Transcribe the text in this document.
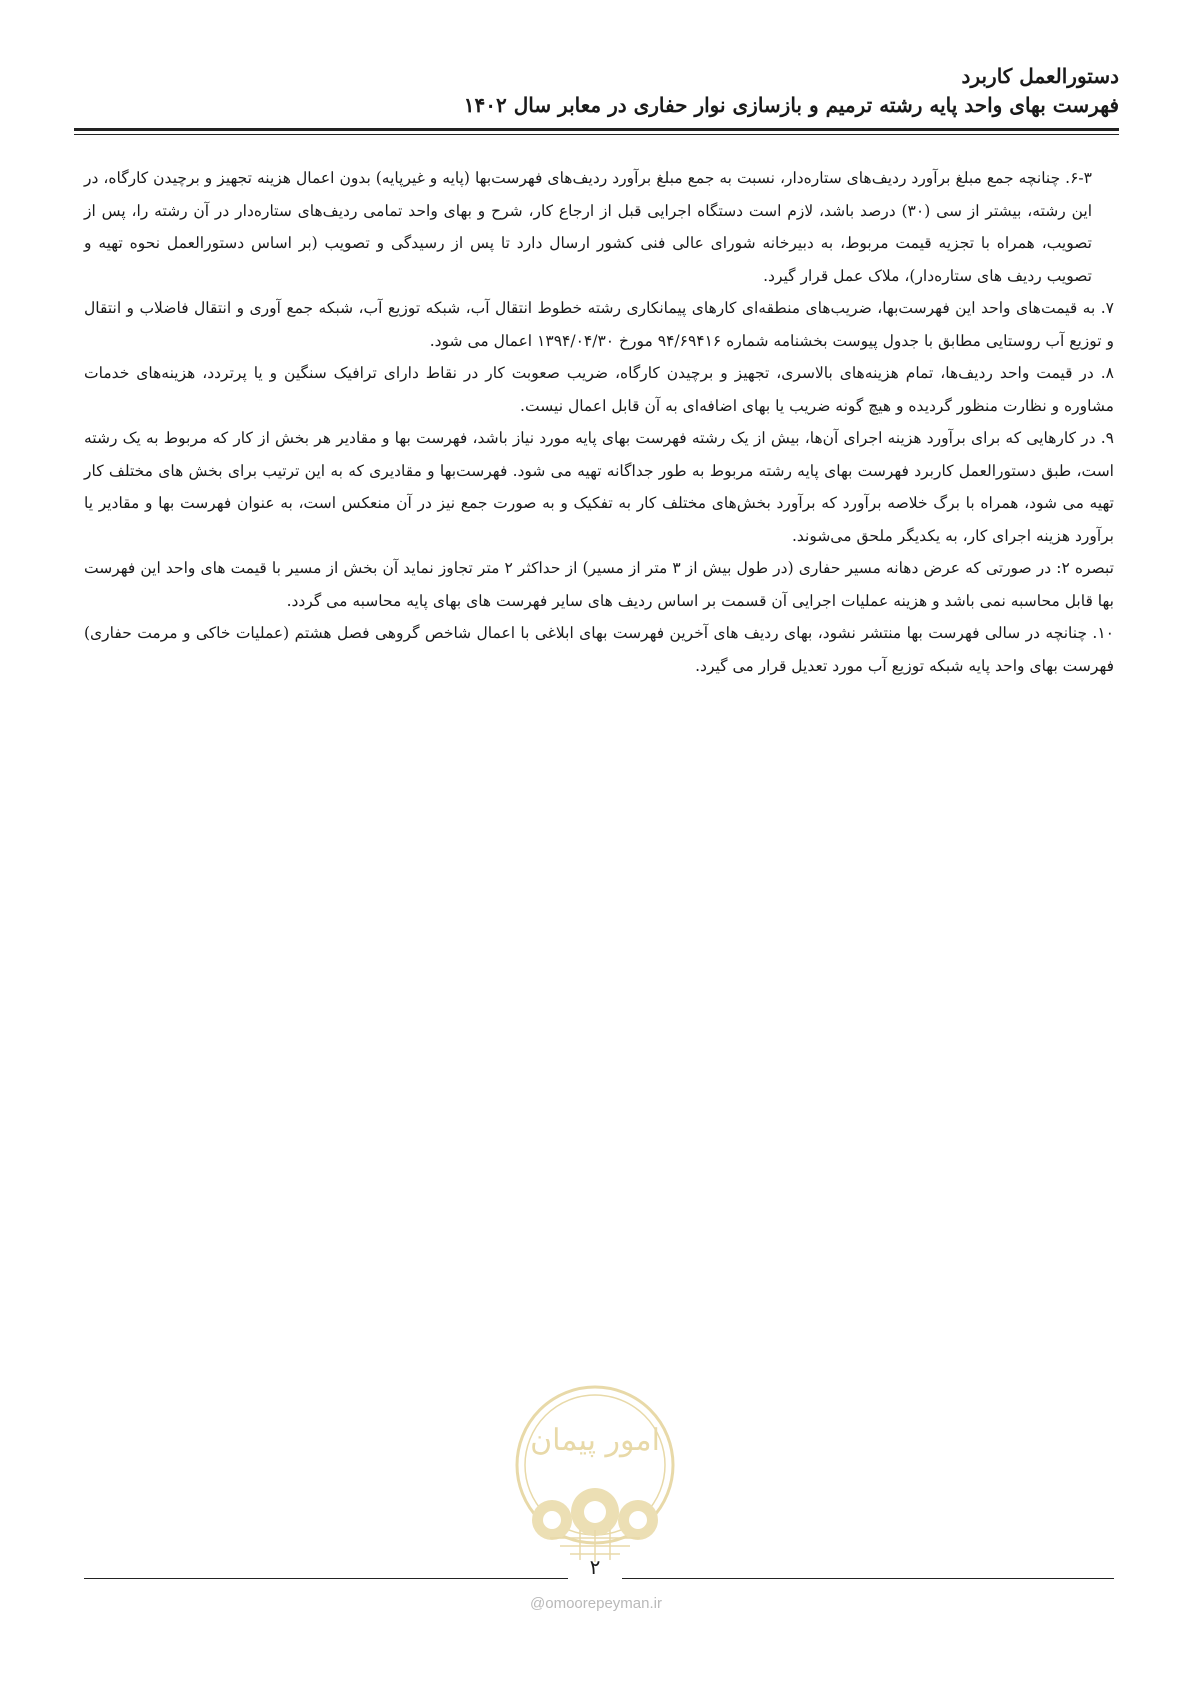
دستورالعمل کاربرد
فهرست بهای واحد پایه رشته ترمیم و بازسازی نوار حفاری در معابر سال ۱۴۰۲

۶-۳. چنانچه جمع مبلغ برآورد ردیف‌های ستاره‌دار، نسبت به جمع مبلغ برآورد ردیف‌های فهرست‌بها (پایه و غیرپایه) بدون اعمال هزینه تجهیز و برچیدن کارگاه، در این رشته، بیشتر از سی (۳۰) درصد باشد، لازم است دستگاه اجرایی قبل از ارجاع کار، شرح و بهای واحد تمامی ردیف‌های ستاره‌دار در آن رشته را، پس از تصویب، همراه با تجزیه قیمت مربوط، به دبیرخانه شورای عالی فنی کشور ارسال دارد تا پس از رسیدگی و تصویب (بر اساس دستورالعمل نحوه تهیه و تصویب ردیف های ستاره‌دار)، ملاک عمل قرار گیرد.

۷. به قیمت‌های واحد این فهرست‌بها، ضریب‌های منطقه‌ای کارهای پیمانکاری رشته خطوط انتقال آب، شبکه توزیع آب، شبکه جمع آوری و انتقال فاضلاب و انتقال و توزیع آب روستایی مطابق با جدول پیوست بخشنامه شماره ۹۴/۶۹۴۱۶ مورخ ۱۳۹۴/۰۴/۳۰ اعمال می شود.

۸. در قیمت واحد ردیف‌ها، تمام هزینه‌های بالاسری، تجهیز و برچیدن کارگاه، ضریب صعوبت کار در نقاط دارای ترافیک سنگین و یا پرتردد، هزینه‌های خدمات مشاوره و نظارت منظور گردیده و هیچ گونه ضریب یا بهای اضافه‌ای به آن قابل اعمال نیست.

۹. در کارهایی که برای برآورد هزینه اجرای آن‌ها، بیش از یک رشته فهرست بهای پایه مورد نیاز باشد، فهرست بها و مقادیر هر بخش از کار که مربوط به یک رشته است، طبق دستورالعمل کاربرد فهرست بهای پایه رشته مربوط به طور جداگانه تهیه می شود. فهرست‌بها و مقادیری که به این ترتیب برای بخش های مختلف کار تهیه می شود، همراه با برگ خلاصه برآورد که برآورد بخش‌های مختلف کار به تفکیک و به صورت جمع نیز در آن منعکس است، به عنوان فهرست بها و مقادیر یا برآورد هزینه اجرای کار، به یکدیگر ملحق می‌شوند.

تبصره ۲: در صورتی که عرض دهانه مسیر حفاری (در طول بیش از ۳ متر از مسیر) از حداکثر ۲ متر تجاوز نماید آن بخش از مسیر با قیمت های واحد این فهرست بها قابل محاسبه نمی باشد و هزینه عملیات اجرایی آن قسمت بر اساس ردیف های سایر فهرست های بهای پایه محاسبه می گردد.

۱۰. چنانچه در سالی فهرست بها منتشر نشود، بهای ردیف های آخرین فهرست بهای ابلاغی با اعمال شاخص گروهی فصل هشتم (عملیات خاکی و مرمت حفاری) فهرست بهای واحد پایه شبکه توزیع آب مورد تعدیل قرار می گیرد.

امور پیمان
۲
@omoorepeyman.ir
